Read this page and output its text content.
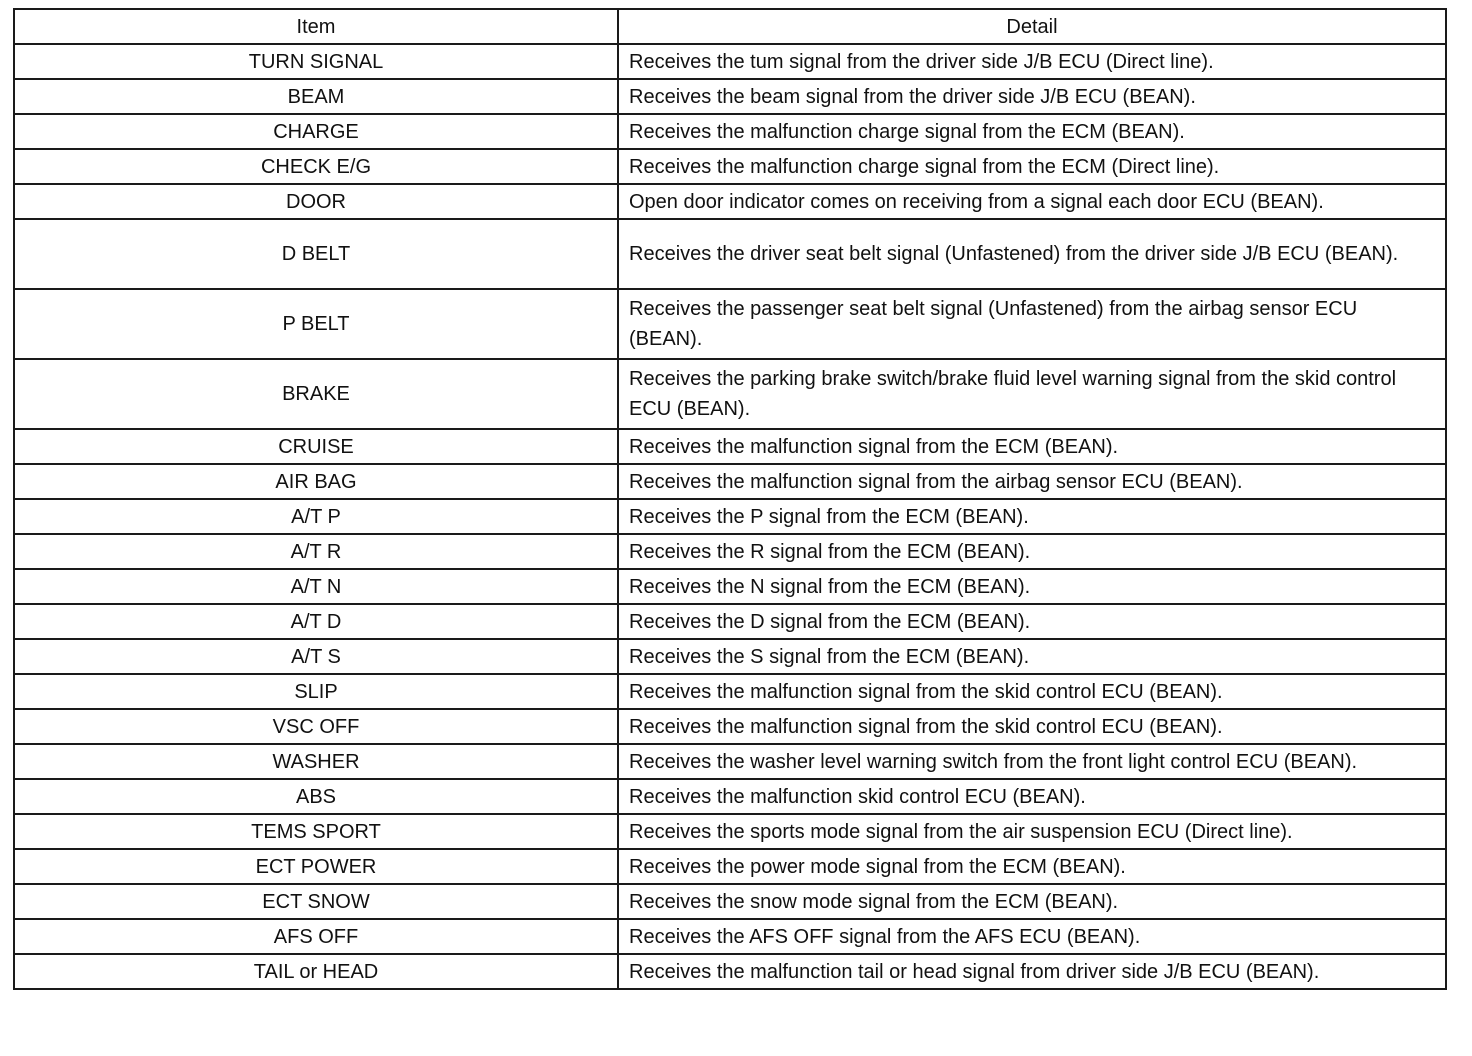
Item	Detail
TURN SIGNAL	Receives the tum signal from the driver side J/B ECU (Direct line).
BEAM	Receives the beam signal from the driver side J/B ECU (BEAN).
CHARGE	Receives the malfunction charge signal from the ECM (BEAN).
CHECK E/G	Receives the malfunction charge signal from the ECM (Direct line).
DOOR	Open door indicator comes on receiving from a signal each door ECU (BEAN).
D BELT	Receives the driver seat belt signal (Unfastened) from the driver side J/B ECU (BEAN).
P BELT	Receives the passenger seat belt signal (Unfastened) from the airbag sensor ECU (BEAN).
BRAKE	Receives the parking brake switch/brake fluid level warning signal from the skid control ECU (BEAN).
CRUISE	Receives the malfunction signal from the ECM (BEAN).
AIR BAG	Receives the malfunction signal from the airbag sensor ECU (BEAN).
A/T P	Receives the P signal from the ECM (BEAN).
A/T R	Receives the R signal from the ECM (BEAN).
A/T N	Receives the N signal from the ECM (BEAN).
A/T D	Receives the D signal from the ECM (BEAN).
A/T S	Receives the S signal from the ECM (BEAN).
SLIP	Receives the malfunction signal from the skid control ECU (BEAN).
VSC OFF	Receives the malfunction signal from the skid control ECU (BEAN).
WASHER	Receives the washer level warning switch from the front light control ECU (BEAN).
ABS	Receives the malfunction skid control ECU (BEAN).
TEMS SPORT	Receives the sports mode signal from the air suspension ECU (Direct line).
ECT POWER	Receives the power mode signal from the ECM (BEAN).
ECT SNOW	Receives the snow mode signal from the ECM (BEAN).
AFS OFF	Receives the AFS OFF signal from the AFS ECU (BEAN).
TAIL or HEAD	Receives the malfunction tail or head signal from driver side J/B ECU (BEAN).
